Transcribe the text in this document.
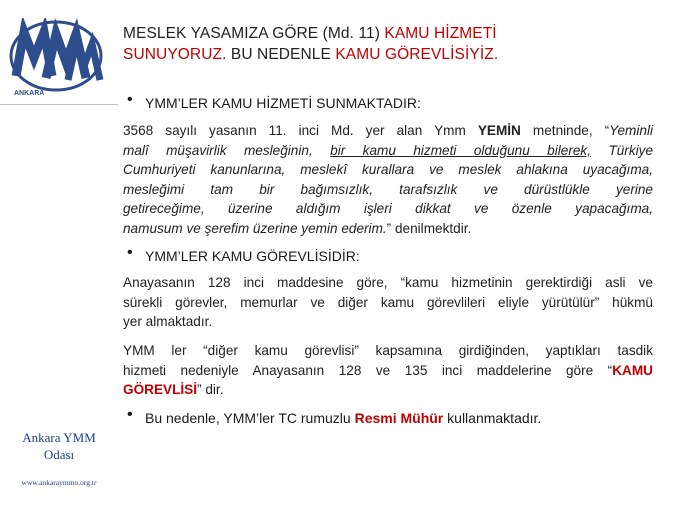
ANKARA
Ankara YMM
Odası
www.ankaraymmo.org.tr
MESLEK YASAMIZA GÖRE (Md. 11) KAMU HİZMETİ
SUNUYORUZ. BU NEDENLE KAMU GÖREVLİSİYİZ.
• YMM’LER KAMU HİZMETİ SUNMAKTADIR:
3568 sayılı yasanın 11. inci Md. yer alan Ymm YEMİN metninde, “Yeminli
malî müşavirlik mesleğinin, bir kamu hizmeti olduğunu bilerek, Türkiye
Cumhuriyeti kanunlarına, meslekî kurallara ve meslek ahlakına uyacağıma,
mesleğimi tam bir bağımsızlık, tarafsızlık ve dürüstlükle yerine
getireceğime, üzerine aldığım işleri dikkat ve özenle yapacağıma,
namusum ve şerefim üzerine yemin ederim.” denilmektdir.
• YMM’LER KAMU GÖREVLİSİDİR:
Anayasanın 128 inci maddesine göre, “kamu hizmetinin gerektirdiği asli ve
sürekli görevler, memurlar ve diğer kamu görevlileri eliyle yürütülür” hükmü
yer almaktadır.
YMM ler “diğer kamu görevlisi” kapsamına girdiğinden, yaptıkları tasdik
hizmeti nedeniyle Anayasanın 128 ve 135 inci maddelerine göre “KAMU
GÖREVLİSİ” dir.
• Bu nedenle, YMM’ler TC rumuzlu Resmi Mühür kullanmaktadır.
